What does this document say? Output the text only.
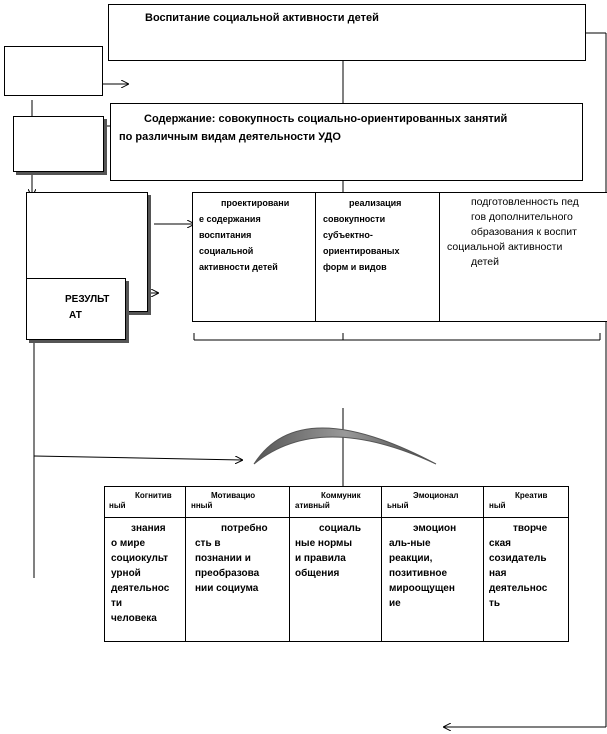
Воспитание социальной активности детей
Содержание: совокупность социально-ориентированных занятий
по различным видам деятельности УДО
РЕЗУЛЬТ
АТ
проектировани
е содержания
воспитания
социальной
активности детей
реализация
совокупности
субъектно-
ориентированых
форм и видов
подготовленность пед
гов дополнительного
образования к воспит
социальной активности
детей
Когнитив
ный
Мотивацио
нный
Коммуник
ативный
Эмоционал
ьный
Креатив
ный
знания
о мире
социокульт
урной
деятельнос
ти
человека
потребно
сть в
познании и
преобразова
нии социума
социаль
ные нормы
и правила
общения
эмоцион
аль-ные
реакции,
позитивное
мироощущен
ие
творче
ская
созидатель
ная
деятельнос
ть
